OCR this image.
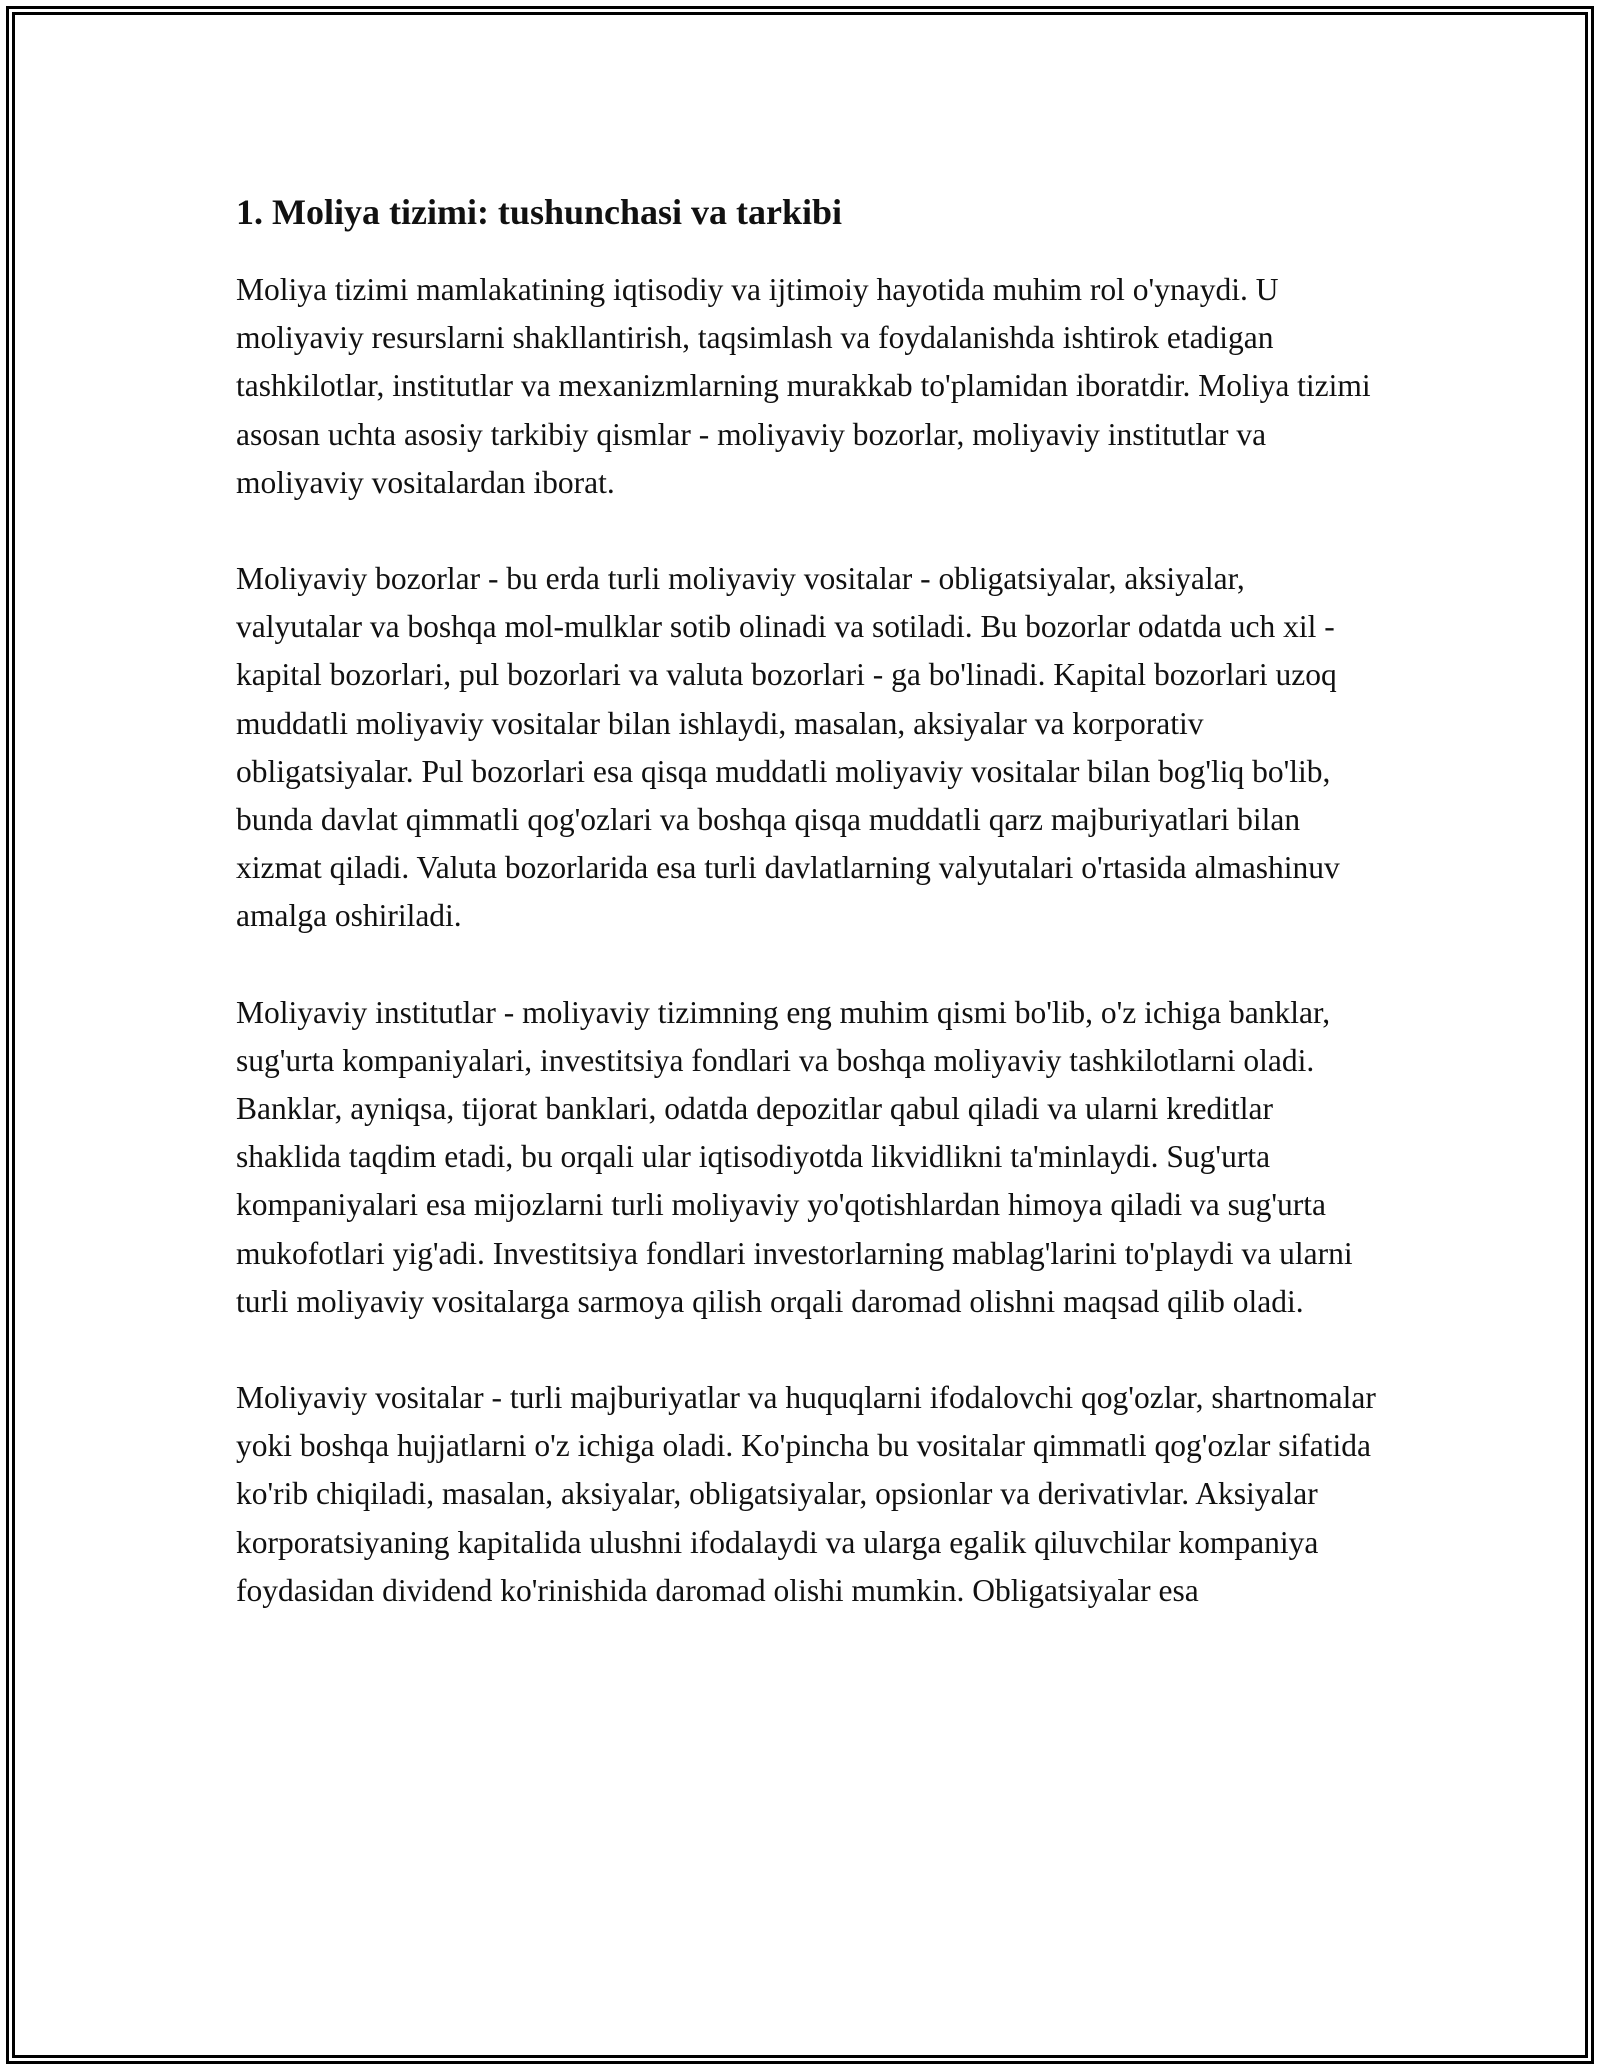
1. Moliya tizimi: tushunchasi va tarkibi

Moliya tizimi mamlakatining iqtisodiy va ijtimoiy hayotida muhim rol o'ynaydi. U moliyaviy resurslarni shakllantirish, taqsimlash va foydalanishda ishtirok etadigan tashkilotlar, institutlar va mexanizmlarning murakkab to'plamidan iboratdir. Moliya tizimi asosan uchta asosiy tarkibiy qismlar - moliyaviy bozorlar, moliyaviy institutlar va moliyaviy vositalardan iborat.

Moliyaviy bozorlar - bu erda turli moliyaviy vositalar - obligatsiyalar, aksiyalar, valyutalar va boshqa mol-mulklar sotib olinadi va sotiladi. Bu bozorlar odatda uch xil - kapital bozorlari, pul bozorlari va valuta bozorlari - ga bo'linadi. Kapital bozorlari uzoq muddatli moliyaviy vositalar bilan ishlaydi, masalan, aksiyalar va korporativ obligatsiyalar. Pul bozorlari esa qisqa muddatli moliyaviy vositalar bilan bog'liq bo'lib, bunda davlat qimmatli qog'ozlari va boshqa qisqa muddatli qarz majburiyatlari bilan xizmat qiladi. Valuta bozorlarida esa turli davlatlarning valyutalari o'rtasida almashinuv amalga oshiriladi.

Moliyaviy institutlar - moliyaviy tizimning eng muhim qismi bo'lib, o'z ichiga banklar, sug'urta kompaniyalari, investitsiya fondlari va boshqa moliyaviy tashkilotlarni oladi. Banklar, ayniqsa, tijorat banklari, odatda depozitlar qabul qiladi va ularni kreditlar shaklida taqdim etadi, bu orqali ular iqtisodiyotda likvidlikni ta'minlaydi. Sug'urta kompaniyalari esa mijozlarni turli moliyaviy yo'qotishlardan himoya qiladi va sug'urta mukofotlari yig'adi. Investitsiya fondlari investorlarning mablag'larini to'playdi va ularni turli moliyaviy vositalarga sarmoya qilish orqali daromad olishni maqsad qilib oladi.

Moliyaviy vositalar - turli majburiyatlar va huquqlarni ifodalovchi qog'ozlar, shartnomalar yoki boshqa hujjatlarni o'z ichiga oladi. Ko'pincha bu vositalar qimmatli qog'ozlar sifatida ko'rib chiqiladi, masalan, aksiyalar, obligatsiyalar, opsionlar va derivativlar. Aksiyalar korporatsiyaning kapitalida ulushni ifodalaydi va ularga egalik qiluvchilar kompaniya foydasidan dividend ko'rinishida daromad olishi mumkin. Obligatsiyalar esa
